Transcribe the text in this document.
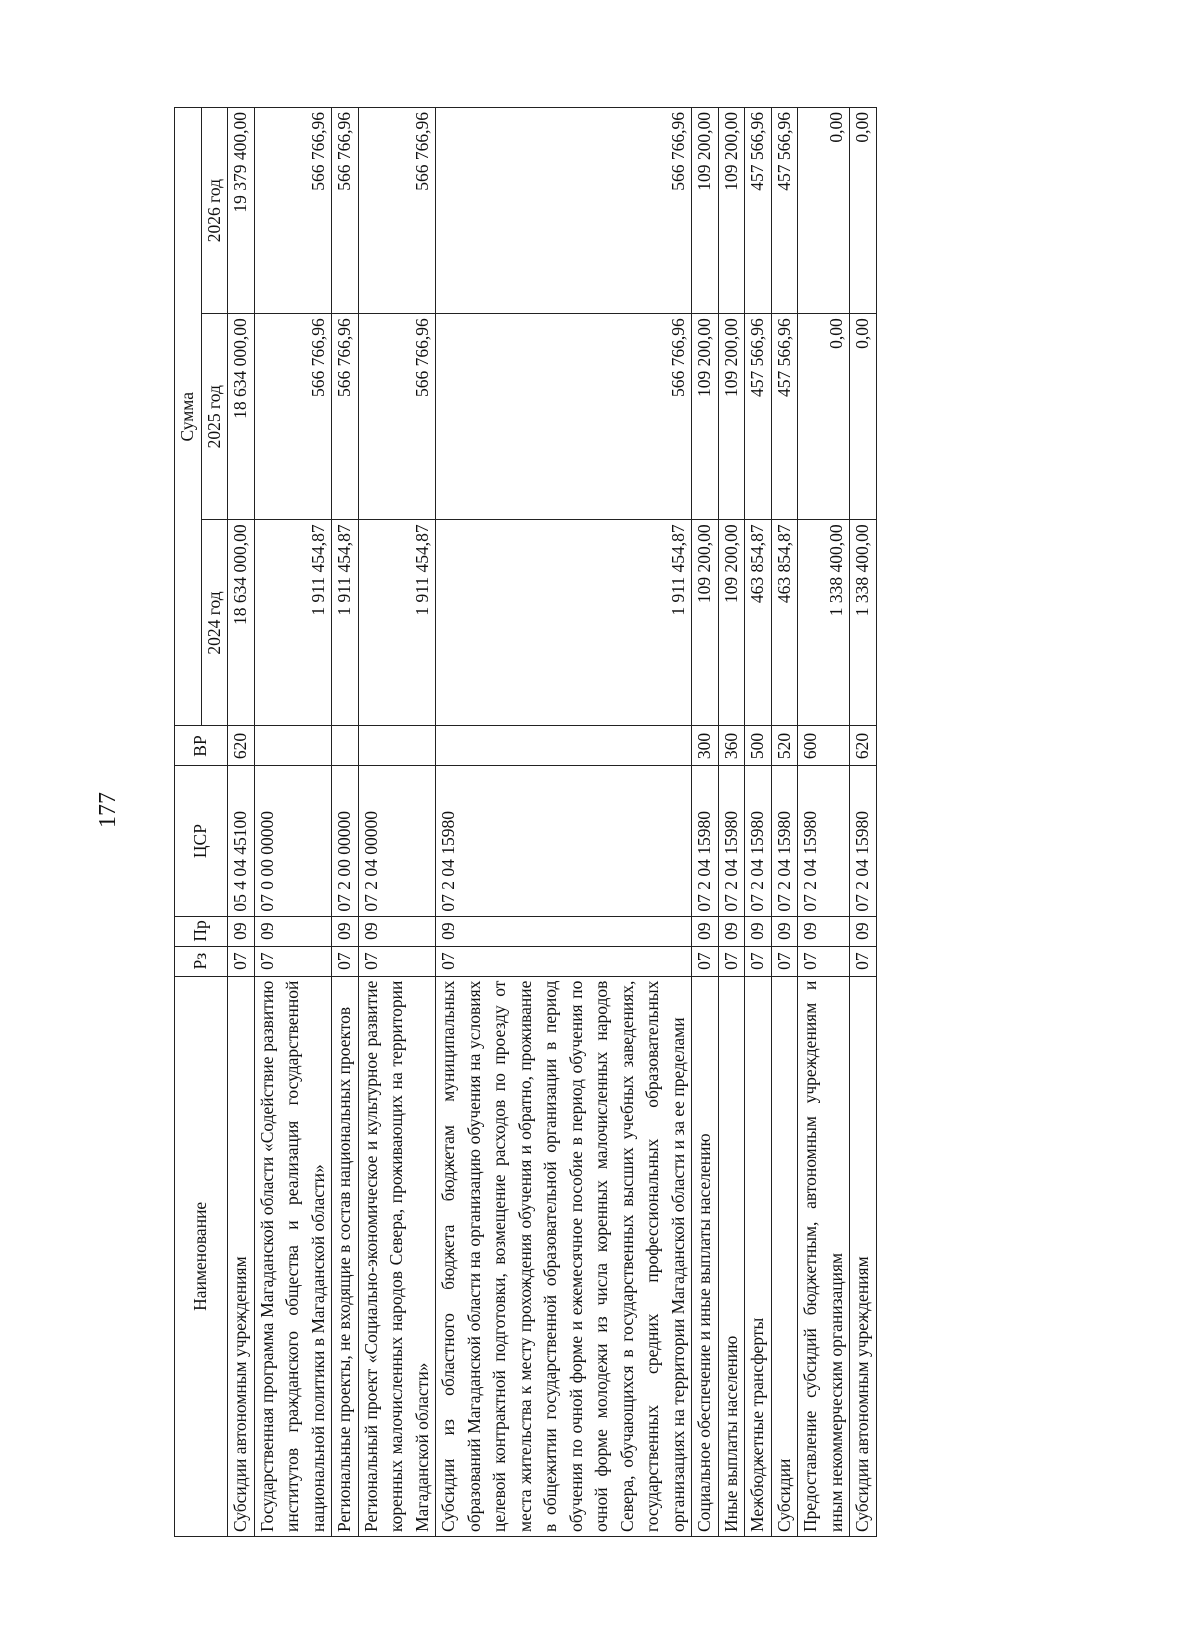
177
Наименование	Рз	Пр	ЦСР	ВР	Сумма		
					2024 год	2025 год	2026 год
Субсидии автономным учреждениям	07	09	05 4 04 45100	620	18 634 000,00	18 634 000,00	19 379 400,00
Государственная программа Магаданской области «Содействие развитию институтов гражданского общества и реализация государственной национальной политики в Магаданской области»	07	09	07 0 00 00000		1 911 454,87	566 766,96	566 766,96
Региональные проекты, не входящие в состав национальных проектов	07	09	07 2 00 00000		1 911 454,87	566 766,96	566 766,96
Региональный проект «Социально-экономическое и культурное развитие коренных малочисленных народов Севера, проживающих на территории Магаданской области»	07	09	07 2 04 00000		1 911 454,87	566 766,96	566 766,96
Субсидии из областного бюджета бюджетам муниципальных образований Магаданской области на организацию обучения на условиях целевой контрактной подготовки, возмещение расходов по проезду от места жительства к месту прохождения обучения и обратно, проживание в общежитии государственной образовательной организации в период обучения по очной форме и ежемесячное пособие в период обучения по очной форме молодежи из числа коренных малочисленных народов Севера, обучающихся в государственных высших учебных заведениях, государственных средних профессиональных образовательных организациях на территории Магаданской области и за ее пределами	07	09	07 2 04 15980		1 911 454,87	566 766,96	566 766,96
Социальное обеспечение и иные выплаты населению	07	09	07 2 04 15980	300	109 200,00	109 200,00	109 200,00
Иные выплаты населению	07	09	07 2 04 15980	360	109 200,00	109 200,00	109 200,00
Межбюджетные трансферты	07	09	07 2 04 15980	500	463 854,87	457 566,96	457 566,96
Субсидии	07	09	07 2 04 15980	520	463 854,87	457 566,96	457 566,96
Предоставление субсидий бюджетным, автономным учреждениям и иным некоммерческим организациям	07	09	07 2 04 15980	600	1 338 400,00	0,00	0,00
Субсидии автономным учреждениям	07	09	07 2 04 15980	620	1 338 400,00	0,00	0,00
